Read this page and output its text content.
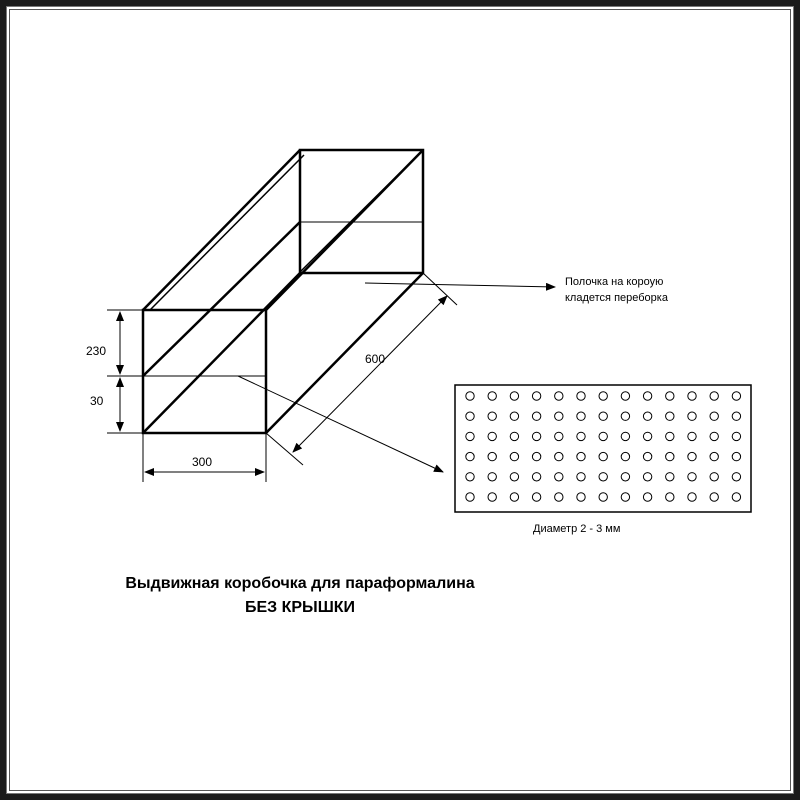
230
30
300
600
Полочка на короую
кладется переборка
Диаметр 2 - 3 мм
Выдвижная коробочка для параформалина
БЕЗ КРЫШКИ
